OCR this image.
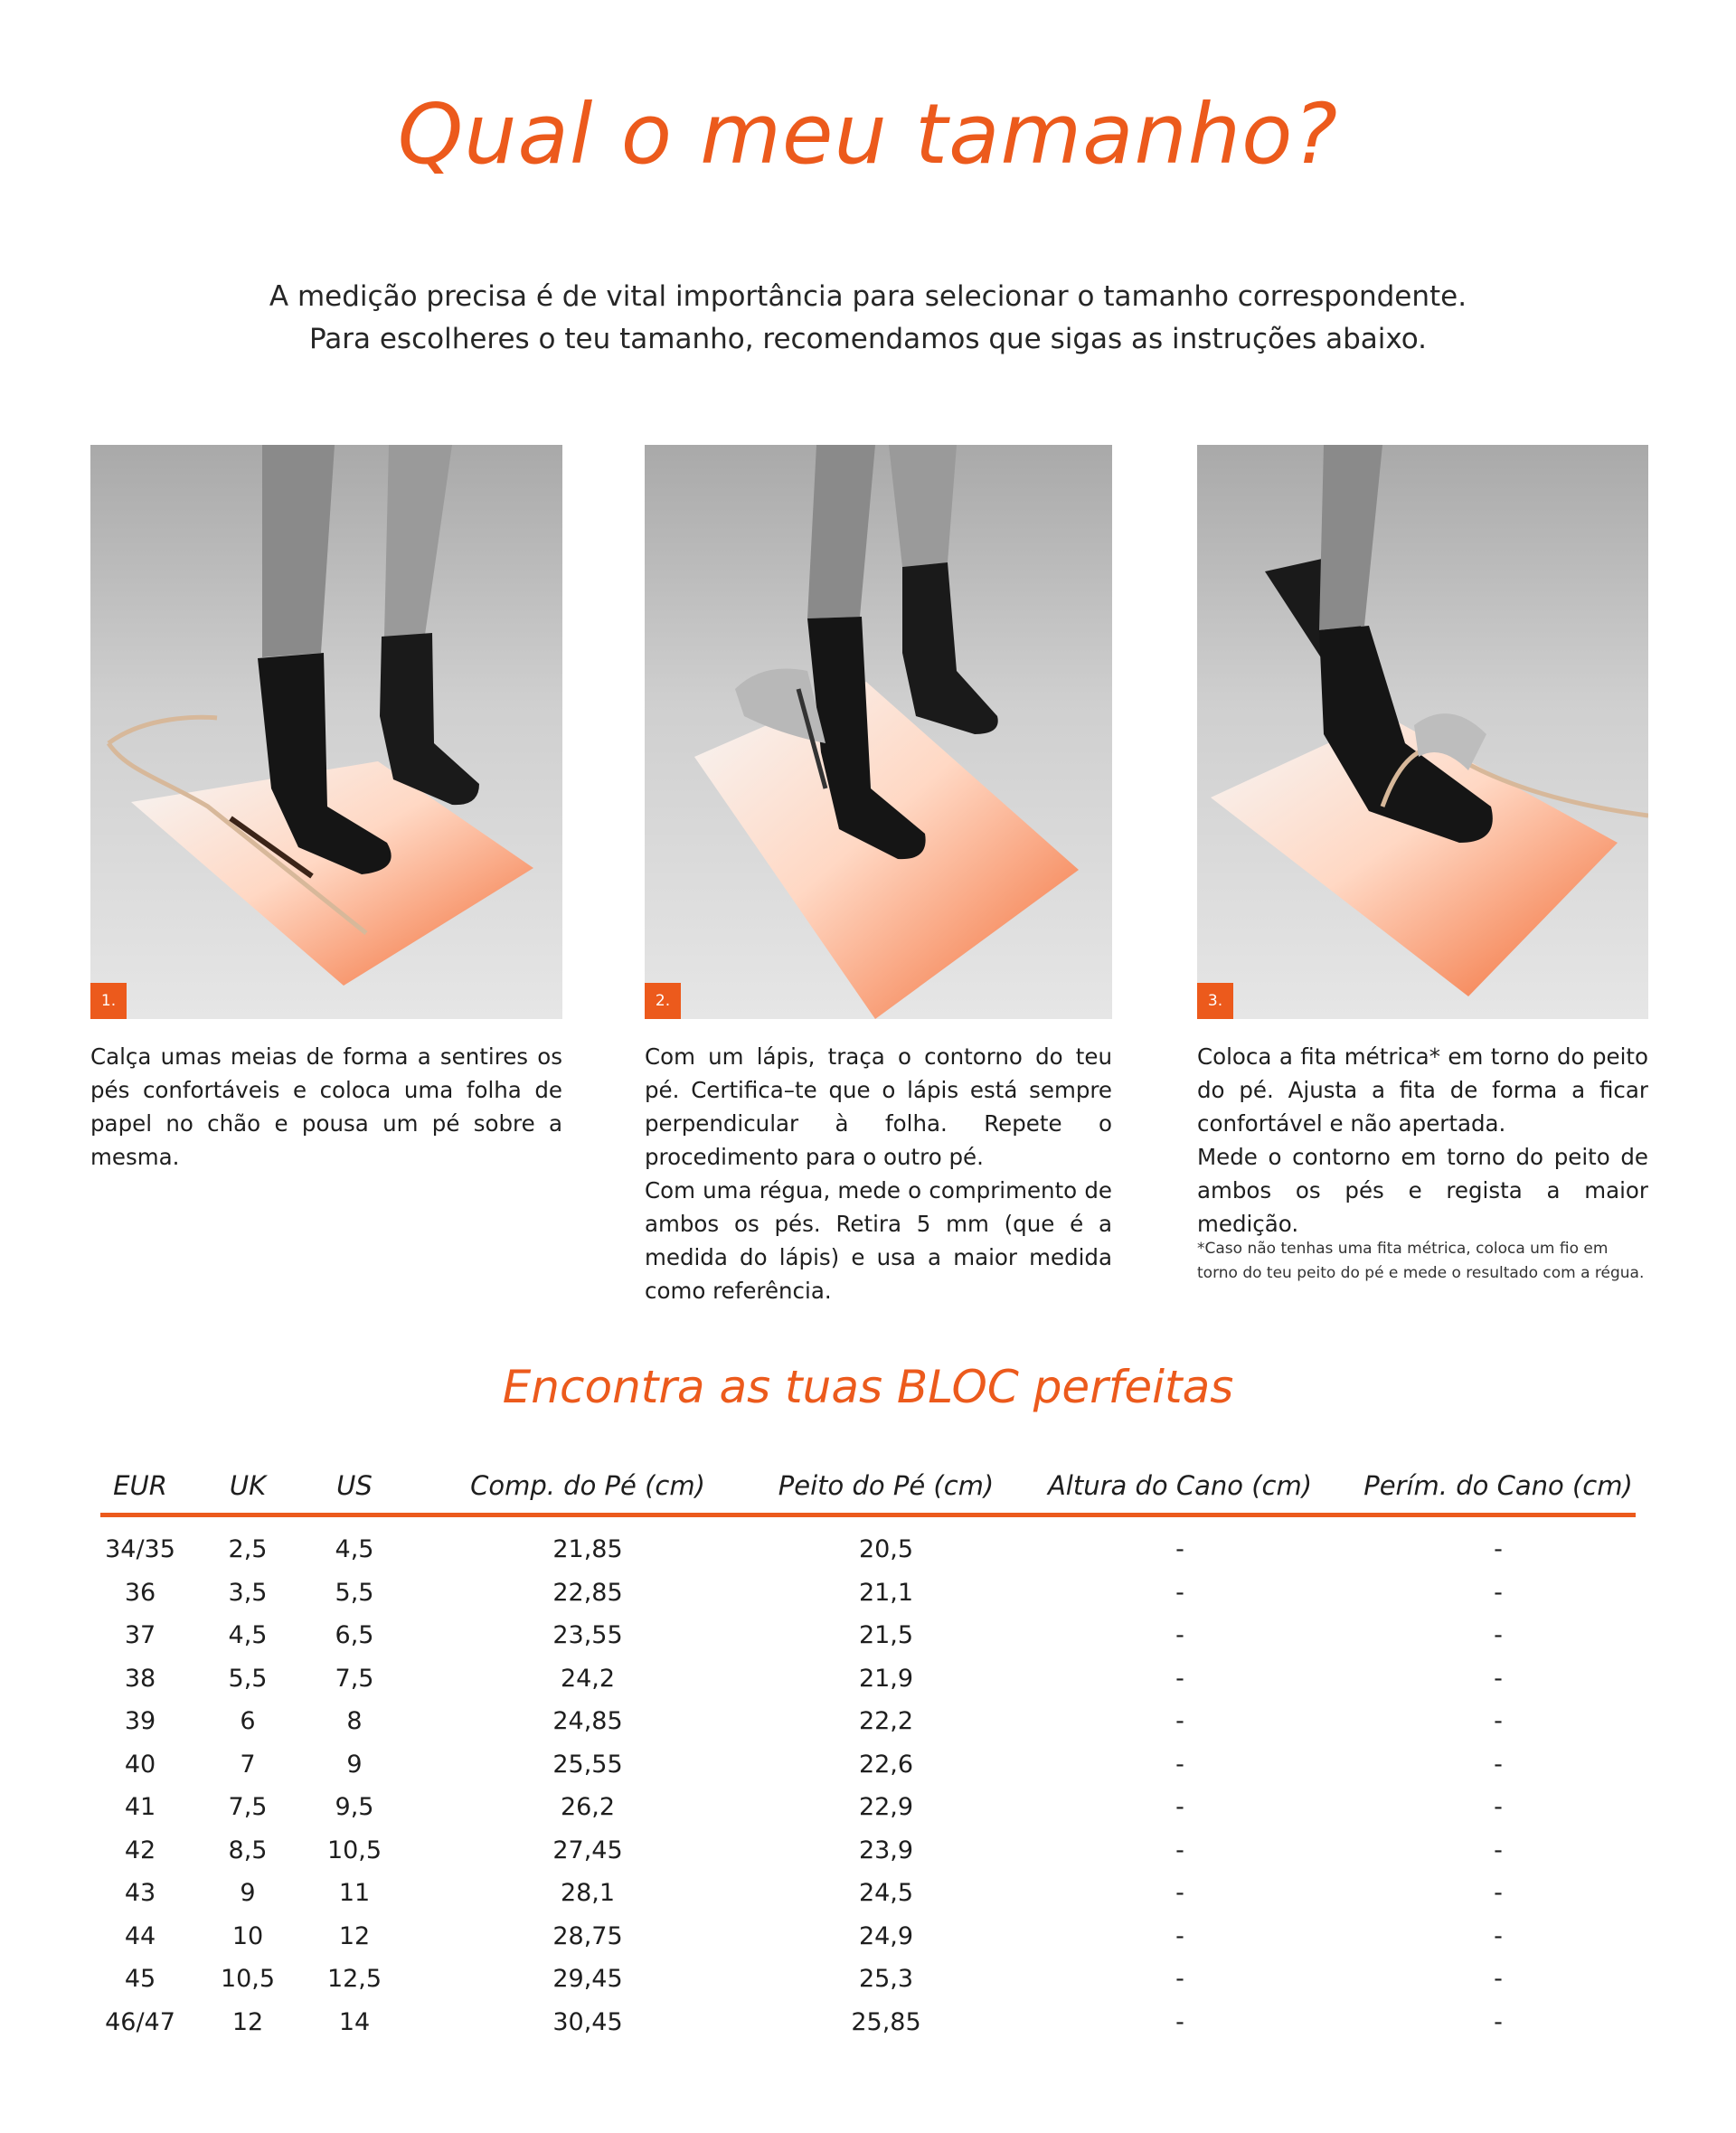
Qual o meu tamanho?
A medição precisa é de vital importância para selecionar o tamanho correspondente.
Para escolheres o teu tamanho, recomendamos que sigas as instruções abaixo.
1.	2.	3.

Calça umas meias de forma a sentires os pés confortáveis e coloca uma folha de papel no chão e pousa um pé sobre a mesma.

Com um lápis, traça o contorno do teu pé. Certifica–te que o lápis está sempre perpendicular à folha. Repete o procedimento para o outro pé.

Com uma régua, mede o comprimento de ambos os pés. Retira 5 mm (que é a medida do lápis) e usa a maior medida como referência.

Coloca a fita métrica* em torno do peito do pé. Ajusta a fita de forma a ficar confortável e não apertada.

Mede o contorno em torno do peito de ambos os pés e regista a maior medição.

*Caso não tenhas uma fita métrica, coloca um fio em torno do teu peito do pé e mede o resultado com a régua.
Encontra as tuas BLOC perfeitas
EUR UK	US	Comp. do Pé (cm)	Peito do Pé (cm) Altura do Cano (cm) Perím. do Cano (cm)
34/35 2,5	4,5	21,85	20,5	-	-
36	3,5	5,5	22,85	21,1	-	-
37	4,5	6,5	23,55	21,5	-	-
38	5,5	7,5	24,2	21,9	-	-
39	6	8	24,85	22,2	-	-
40	7	9	25,55	22,6	-	-
41	7,5	9,5	26,2	22,9	-	-
42	8,5 10,5	27,45	23,9	-	-
43	9	11	28,1	24,5	-	-
44	10	12	28,75	24,9	-	-
45	10,5 12,5	29,45	25,3	-	-
46/47 12	14	30,45	25,85	-	-
